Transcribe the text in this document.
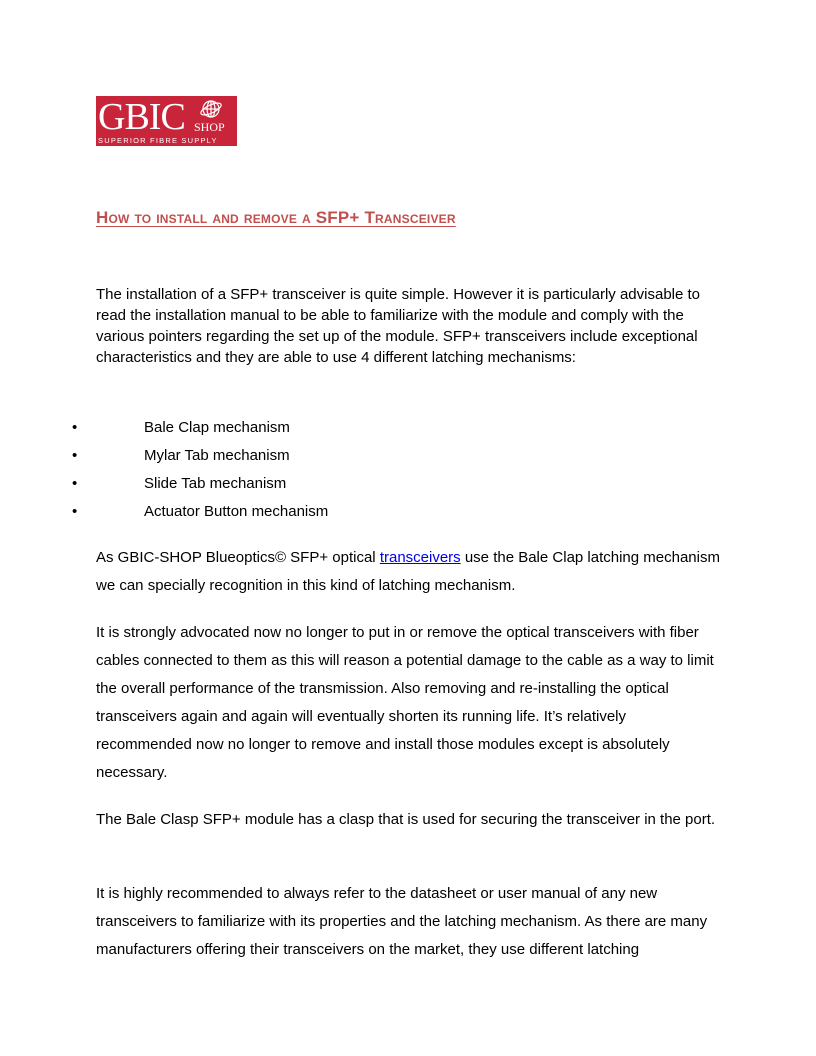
GBIC SHOP
SUPERIOR FIBRE SUPPLY
How to install and remove a SFP+ Transceiver

The installation of a SFP+ transceiver is quite simple. However it is particularly advisable to read the installation manual to be able to familiarize with the module and comply with the various pointers regarding the set up of the module. SFP+ transceivers include exceptional characteristics and they are able to use 4 different latching mechanisms:

•	Bale Clap mechanism
•	Mylar Tab mechanism
•	Slide Tab mechanism
•	Actuator Button mechanism

As GBIC-SHOP Blueoptics© SFP+ optical transceivers use the Bale Clap latching mechanism we can specially recognition in this kind of latching mechanism.

It is strongly advocated now no longer to put in or remove the optical transceivers with fiber cables connected to them as this will reason a potential damage to the cable as a way to limit the overall performance of the transmission. Also removing and re-installing the optical transceivers again and again will eventually shorten its running life. It’s relatively recommended now no longer to remove and install those modules except is absolutely necessary.

The Bale Clasp SFP+ module has a clasp that is used for securing the transceiver in the port.

It is highly recommended to always refer to the datasheet or user manual of any new transceivers to familiarize with its properties and the latching mechanism. As there are many manufacturers offering their transceivers on the market, they use different latching
